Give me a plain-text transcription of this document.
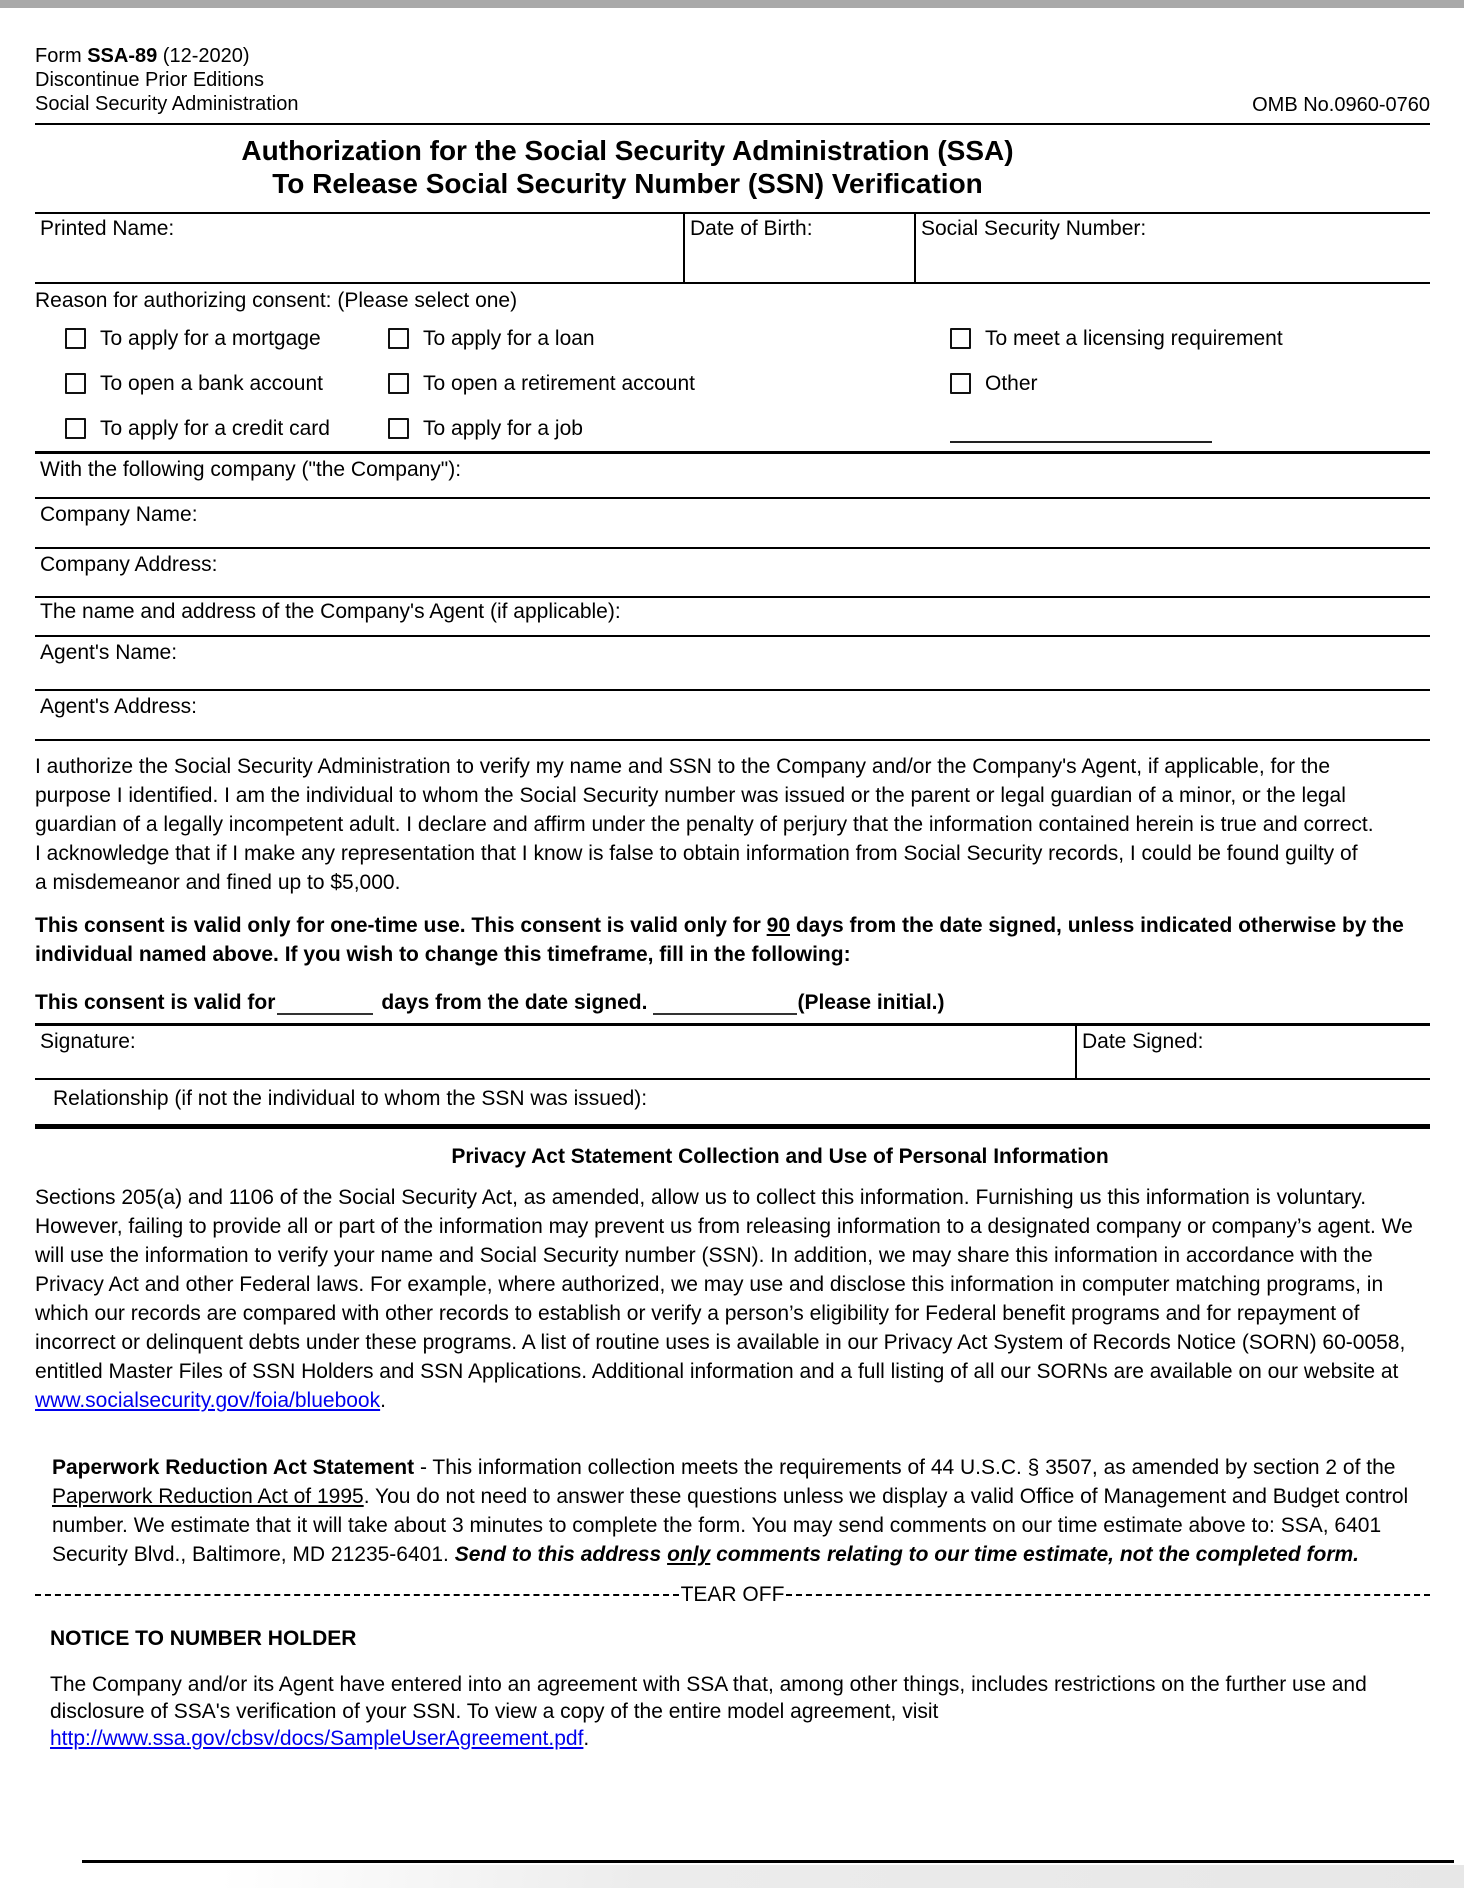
Form SSA-89 (12-2020)
Discontinue Prior Editions
Social Security Administration	OMB No.0960-0760
Authorization for the Social Security Administration (SSA)
To Release Social Security Number (SSN) Verification
Printed Name:	Date of Birth:	Social Security Number:
Reason for authorizing consent: (Please select one)
To apply for a mortgage	To apply for a loan	To meet a licensing requirement
To open a bank account	To open a retirement account	Other
To apply for a credit card	To apply for a job
With the following company ("the Company"):
Company Name:
Company Address:
The name and address of the Company's Agent (if applicable):
Agent's Name:
Agent's Address:

I authorize the Social Security Administration to verify my name and SSN to the Company and/or the Company's Agent, if applicable, for the purpose I identified. I am the individual to whom the Social Security number was issued or the parent or legal guardian of a minor, or the legal guardian of a legally incompetent adult. I declare and affirm under the penalty of perjury that the information contained herein is true and correct. I acknowledge that if I make any representation that I know is false to obtain information from Social Security records, I could be found guilty of a misdemeanor and fined up to $5,000.

This consent is valid only for one-time use. This consent is valid only for 90 days from the date signed, unless indicated otherwise by the individual named above. If you wish to change this timeframe, fill in the following:

This consent is valid for	days from the date signed.	(Please initial.)
Signature:	Date Signed:
Relationship (if not the individual to whom the SSN was issued):
Privacy Act Statement Collection and Use of Personal Information

Sections 205(a) and 1106 of the Social Security Act, as amended, allow us to collect this information. Furnishing us this information is voluntary. However, failing to provide all or part of the information may prevent us from releasing information to a designated company or company’s agent. We will use the information to verify your name and Social Security number (SSN). In addition, we may share this information in accordance with the Privacy Act and other Federal laws. For example, where authorized, we may use and disclose this information in computer matching programs, in which our records are compared with other records to establish or verify a person’s eligibility for Federal benefit programs and for repayment of incorrect or delinquent debts under these programs. A list of routine uses is available in our Privacy Act System of Records Notice (SORN) 60-0058, entitled Master Files of SSN Holders and SSN Applications. Additional information and a full listing of all our SORNs are available on our website at www.socialsecurity.gov/foia/bluebook.

Paperwork Reduction Act Statement - This information collection meets the requirements of 44 U.S.C. § 3507, as amended by section 2 of the Paperwork Reduction Act of 1995. You do not need to answer these questions unless we display a valid Office of Management and Budget control number. We estimate that it will take about 3 minutes to complete the form. You may send comments on our time estimate above to: SSA, 6401 Security Blvd., Baltimore, MD 21235-6401. Send to this address only comments relating to our time estimate, not the completed form.

TEAR OFF
NOTICE TO NUMBER HOLDER

The Company and/or its Agent have entered into an agreement with SSA that, among other things, includes restrictions on the further use and disclosure of SSA's verification of your SSN. To view a copy of the entire model agreement, visit http://www.ssa.gov/cbsv/docs/SampleUserAgreement.pdf.
